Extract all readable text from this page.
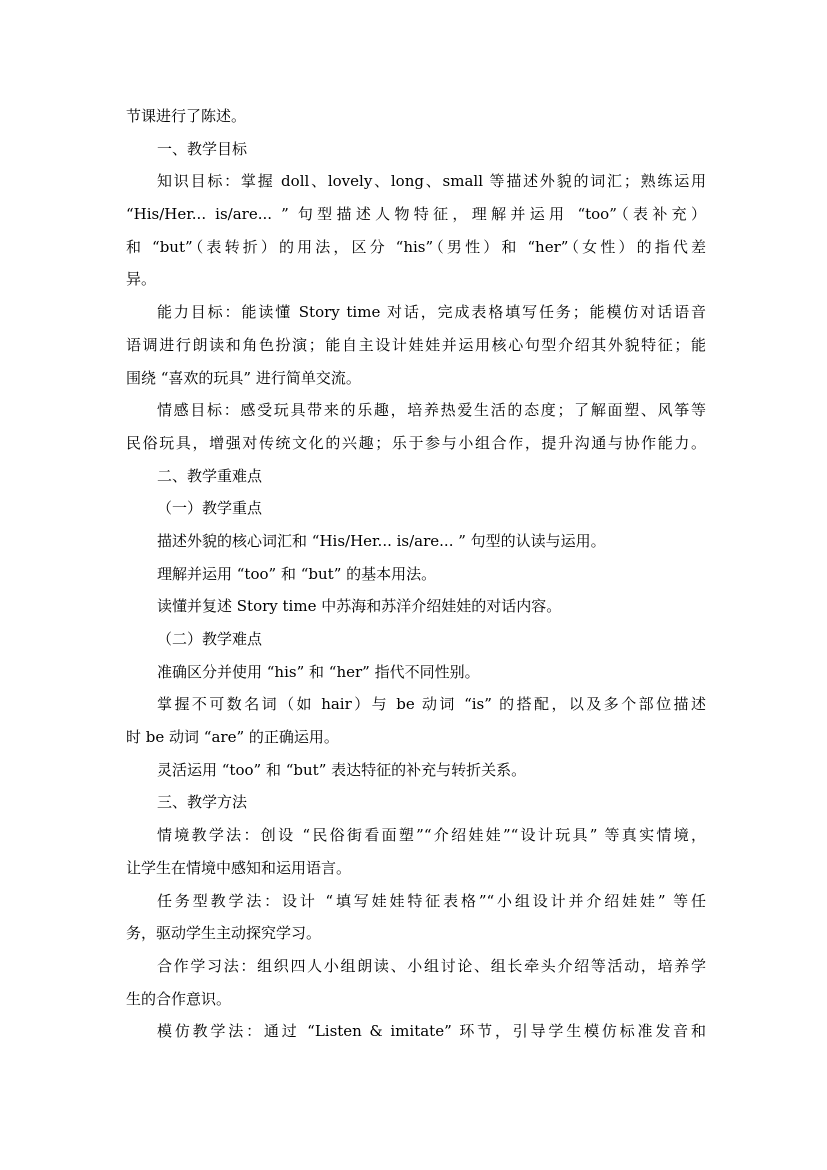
节课进行了陈述。
一、教学目标
知识目标：掌握 doll、lovely、long、small 等描述外貌的词汇；熟练运用
“His/Her... is/are... ” 句型描述人物特征，理解并运用 “too”（表补充）
和 “but”（表转折）的用法，区分 “his”（男性）和 “her”（女性）的指代差
异。
能力目标：能读懂 Story time 对话，完成表格填写任务；能模仿对话语音
语调进行朗读和角色扮演；能自主设计娃娃并运用核心句型介绍其外貌特征；能
围绕 “喜欢的玩具” 进行简单交流。
情感目标：感受玩具带来的乐趣，培养热爱生活的态度；了解面塑、风筝等
民俗玩具，增强对传统文化的兴趣；乐于参与小组合作，提升沟通与协作能力。
二、教学重难点
（一）教学重点
描述外貌的核心词汇和 “His/Her... is/are... ” 句型的认读与运用。
理解并运用 “too” 和 “but” 的基本用法。
读懂并复述 Story time 中苏海和苏洋介绍娃娃的对话内容。
（二）教学难点
准确区分并使用 “his” 和 “her” 指代不同性别。
掌握不可数名词（如 hair）与 be 动词 “is” 的搭配，以及多个部位描述
时 be 动词 “are” 的正确运用。
灵活运用 “too” 和 “but” 表达特征的补充与转折关系。
三、教学方法
情境教学法：创设 “民俗街看面塑”“介绍娃娃”“设计玩具” 等真实情境，
让学生在情境中感知和运用语言。
任务型教学法：设计 “填写娃娃特征表格”“小组设计并介绍娃娃” 等任
务，驱动学生主动探究学习。
合作学习法：组织四人小组朗读、小组讨论、组长牵头介绍等活动，培养学
生的合作意识。
模仿教学法：通过 “Listen & imitate” 环节，引导学生模仿标准发音和
